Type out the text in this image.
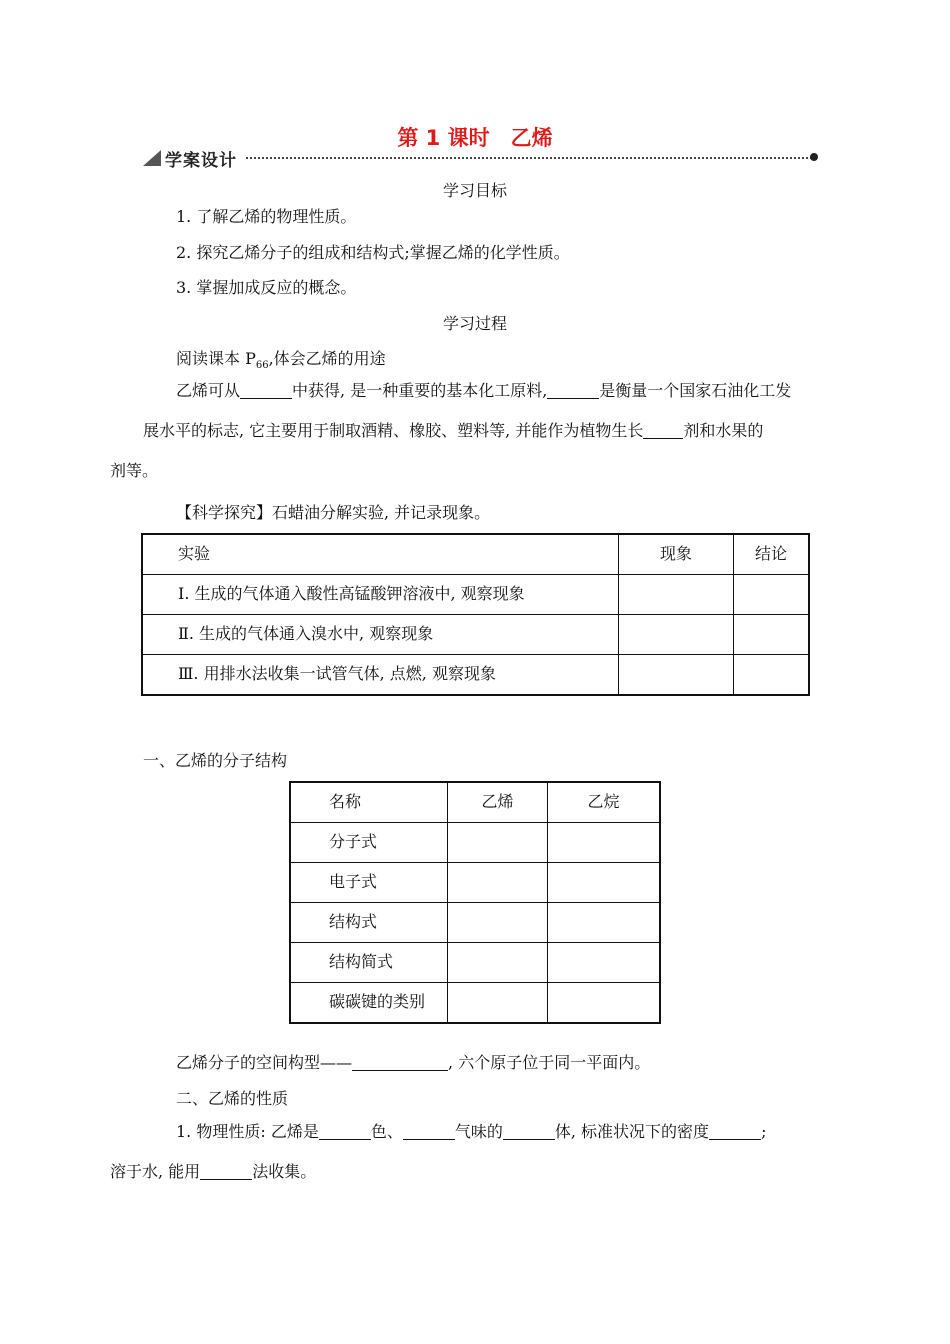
第 1 课时　乙烯
学案设计
学习目标
1. 了解乙烯的物理性质。
2. 探究乙烯分子的组成和结构式;掌握乙烯的化学性质。
3. 掌握加成反应的概念。
学习过程
阅读课本 $P_{66}$,体会乙烯的用途

乙烯可从	中获得, 是一种重要的基本化工原料,	是衡量一个国家石油化工发展水平的标志, 它主要用于制取酒精、橡胶、塑料等, 并能作为植物生长	剂和水果的
剂等。

【科学探究】石蜡油分解实验, 并记录现象。
实验	现象	结论
Ⅰ. 生成的气体通入酸性高锰酸钾溶液中, 观察现象		
Ⅱ. 生成的气体通入溴水中, 观察现象		
Ⅲ. 用排水法收集一试管气体, 点燃, 观察现象		
一、乙烯的分子结构
名称	乙烯	乙烷
分子式		
电子式		
结构式		
结构简式		
碳碳键的类别		
乙烯分子的空间构型——	, 六个原子位于同一平面内。
二、乙烯的性质

1. 物理性质: 乙烯是	色、	气味的	体, 标准状况下的密度	;
溶于水, 能用	法收集。
